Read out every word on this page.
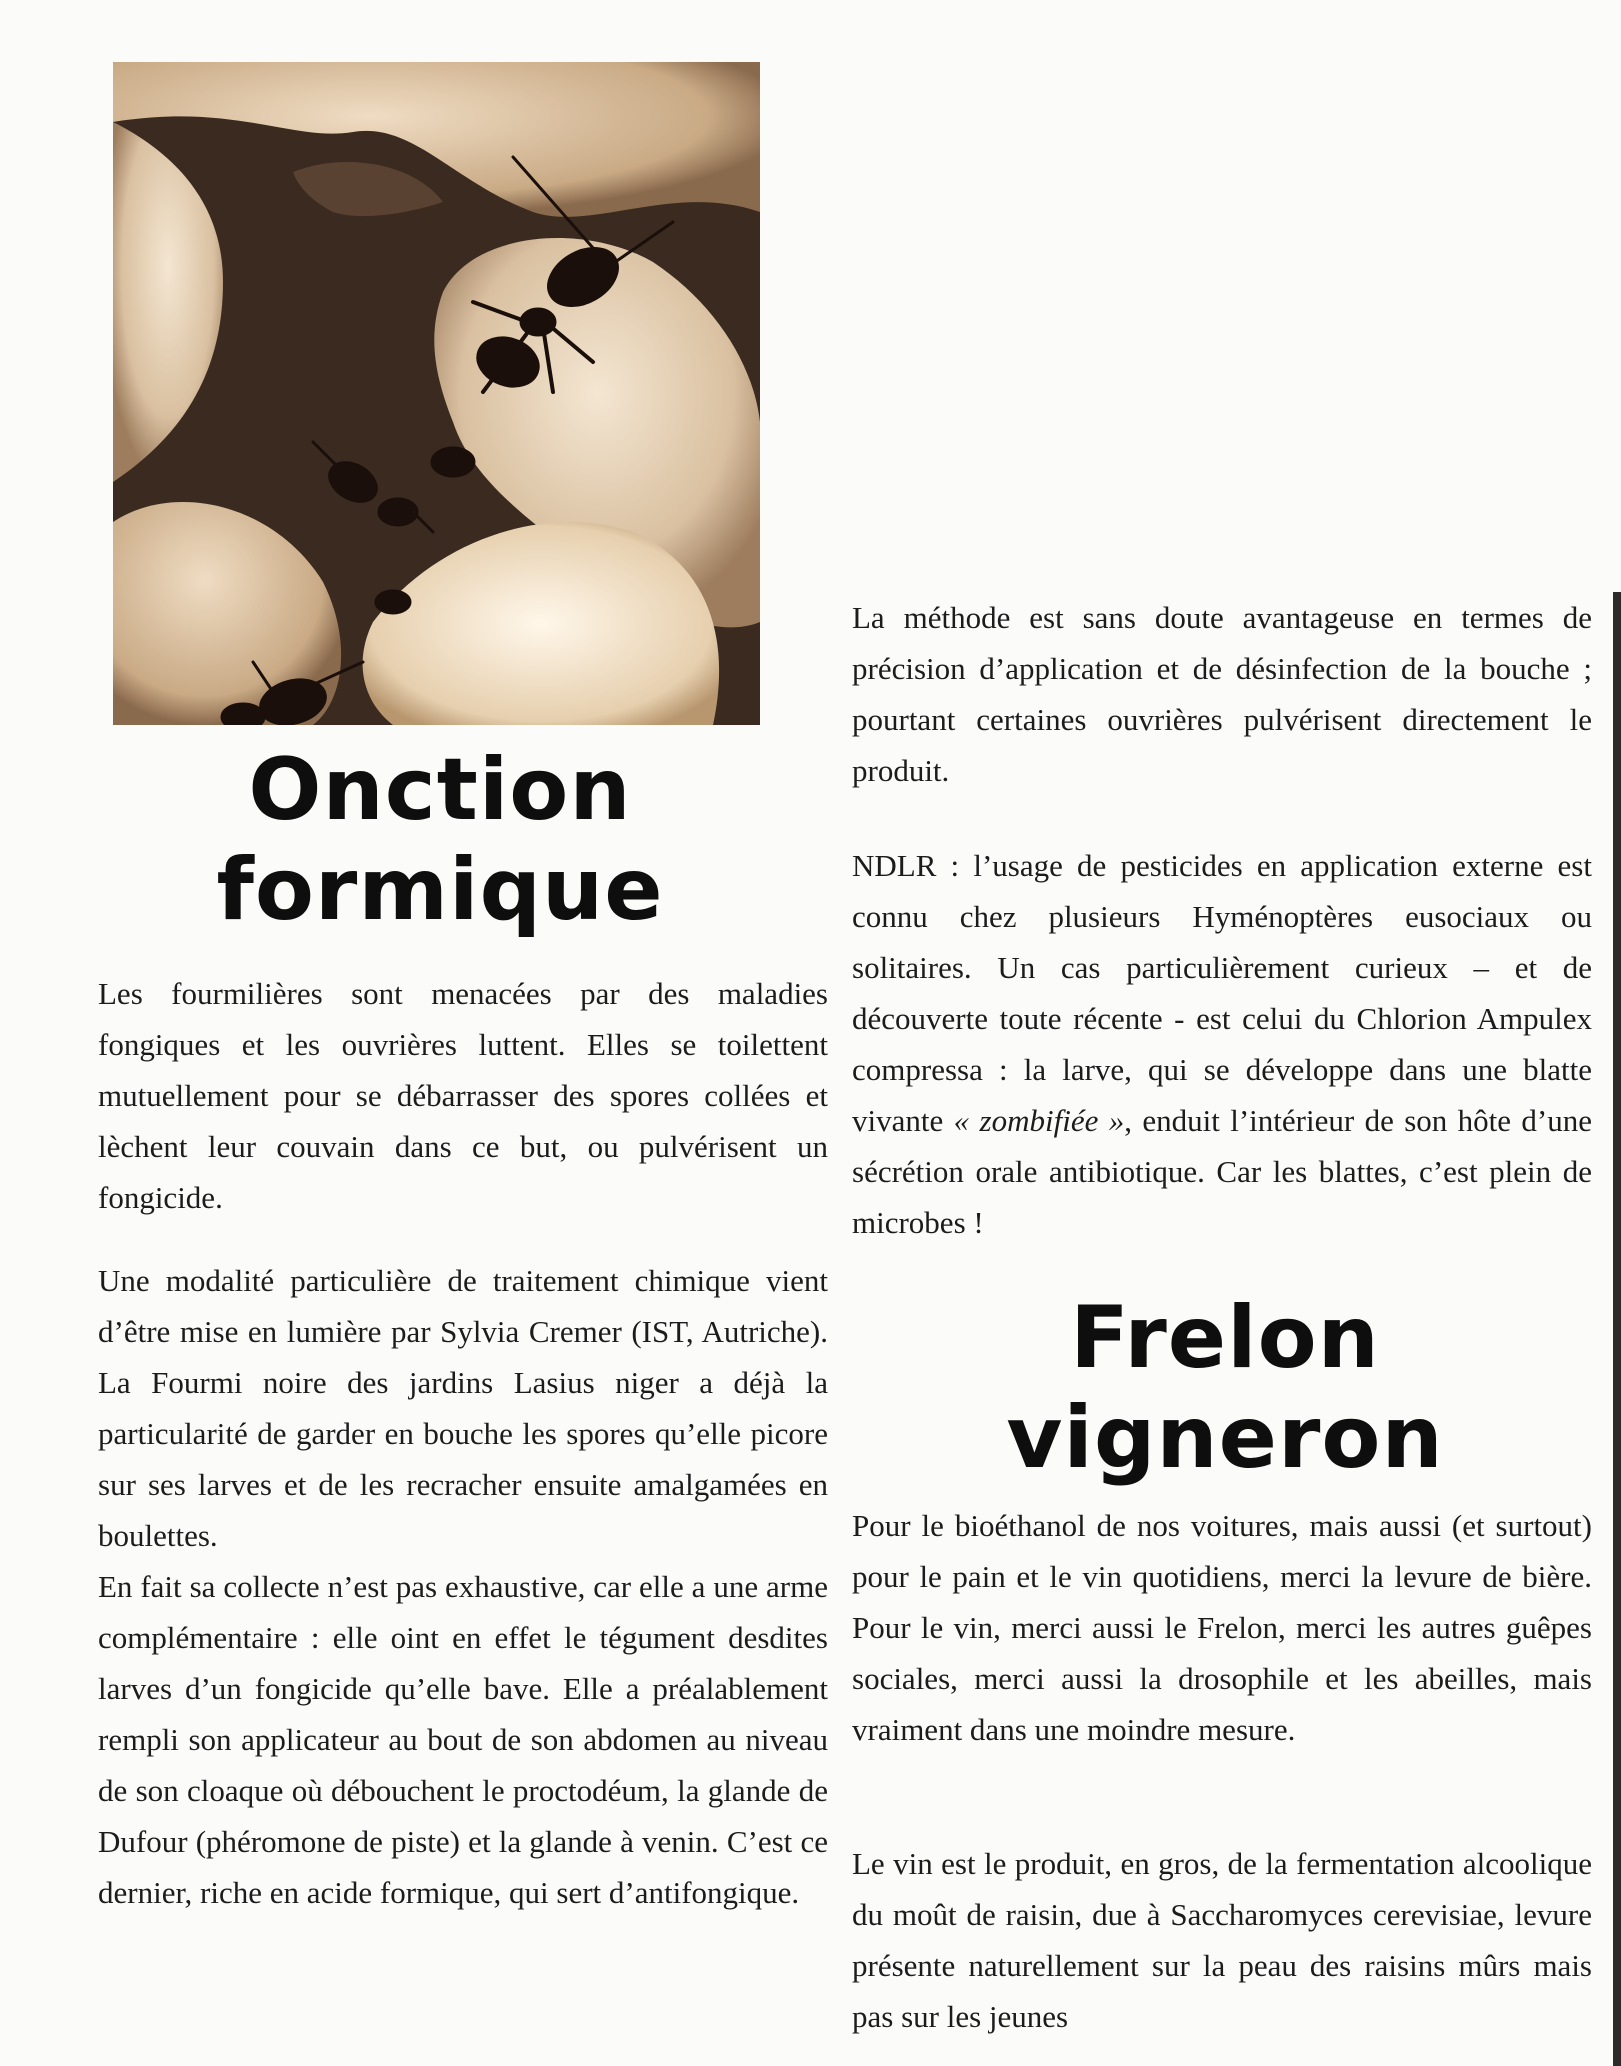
Onction
formique

Les fourmilières sont menacées par des maladies fongiques et les ouvrières luttent. Elles se toilettent mutuellement pour se débarrasser des spores collées et lèchent leur couvain dans ce but, ou pulvérisent un fongicide.

Une modalité particulière de traitement chimique vient d’être mise en lumière par Sylvia Cremer (IST, Autriche). La Fourmi noire des jardins Lasius niger a déjà la particularité de garder en bouche les spores qu’elle picore sur ses larves et de les recracher ensuite amalgamées en boulettes.

En fait sa collecte n’est pas exhaustive, car elle a une arme complémentaire : elle oint en effet le tégument desdites larves d’un fongicide qu’elle bave. Elle a préalablement rempli son applicateur au bout de son abdomen au niveau de son cloaque où débouchent le proctodéum, la glande de Dufour (phéromone de piste) et la glande à venin. C’est ce dernier, riche en acide formique, qui sert d’antifongique.

La méthode est sans doute avantageuse en termes de précision d’application et de désinfection de la bouche ; pourtant certaines ouvrières pulvérisent directement le produit.

NDLR : l’usage de pesticides en application externe est connu chez plusieurs Hyménoptères eusociaux ou solitaires. Un cas particulièrement curieux – et de découverte toute récente - est celui du Chlorion Ampulex compressa : la larve, qui se développe dans une blatte vivante « zombifiée », enduit l’intérieur de son hôte d’une sécrétion orale antibiotique. Car les blattes, c’est plein de microbes !

Frelon
vigneron

Pour le bioéthanol de nos voitures, mais aussi (et surtout) pour le pain et le vin quotidiens, merci la levure de bière. Pour le vin, merci aussi le Frelon, merci les autres guêpes sociales, merci aussi la drosophile et les abeilles, mais vraiment dans une moindre mesure.

Le vin est le produit, en gros, de la fermentation alcoolique du moût de raisin, due à Saccharomyces cerevisiae, levure présente naturellement sur la peau des raisins mûrs mais pas sur les jeunes
